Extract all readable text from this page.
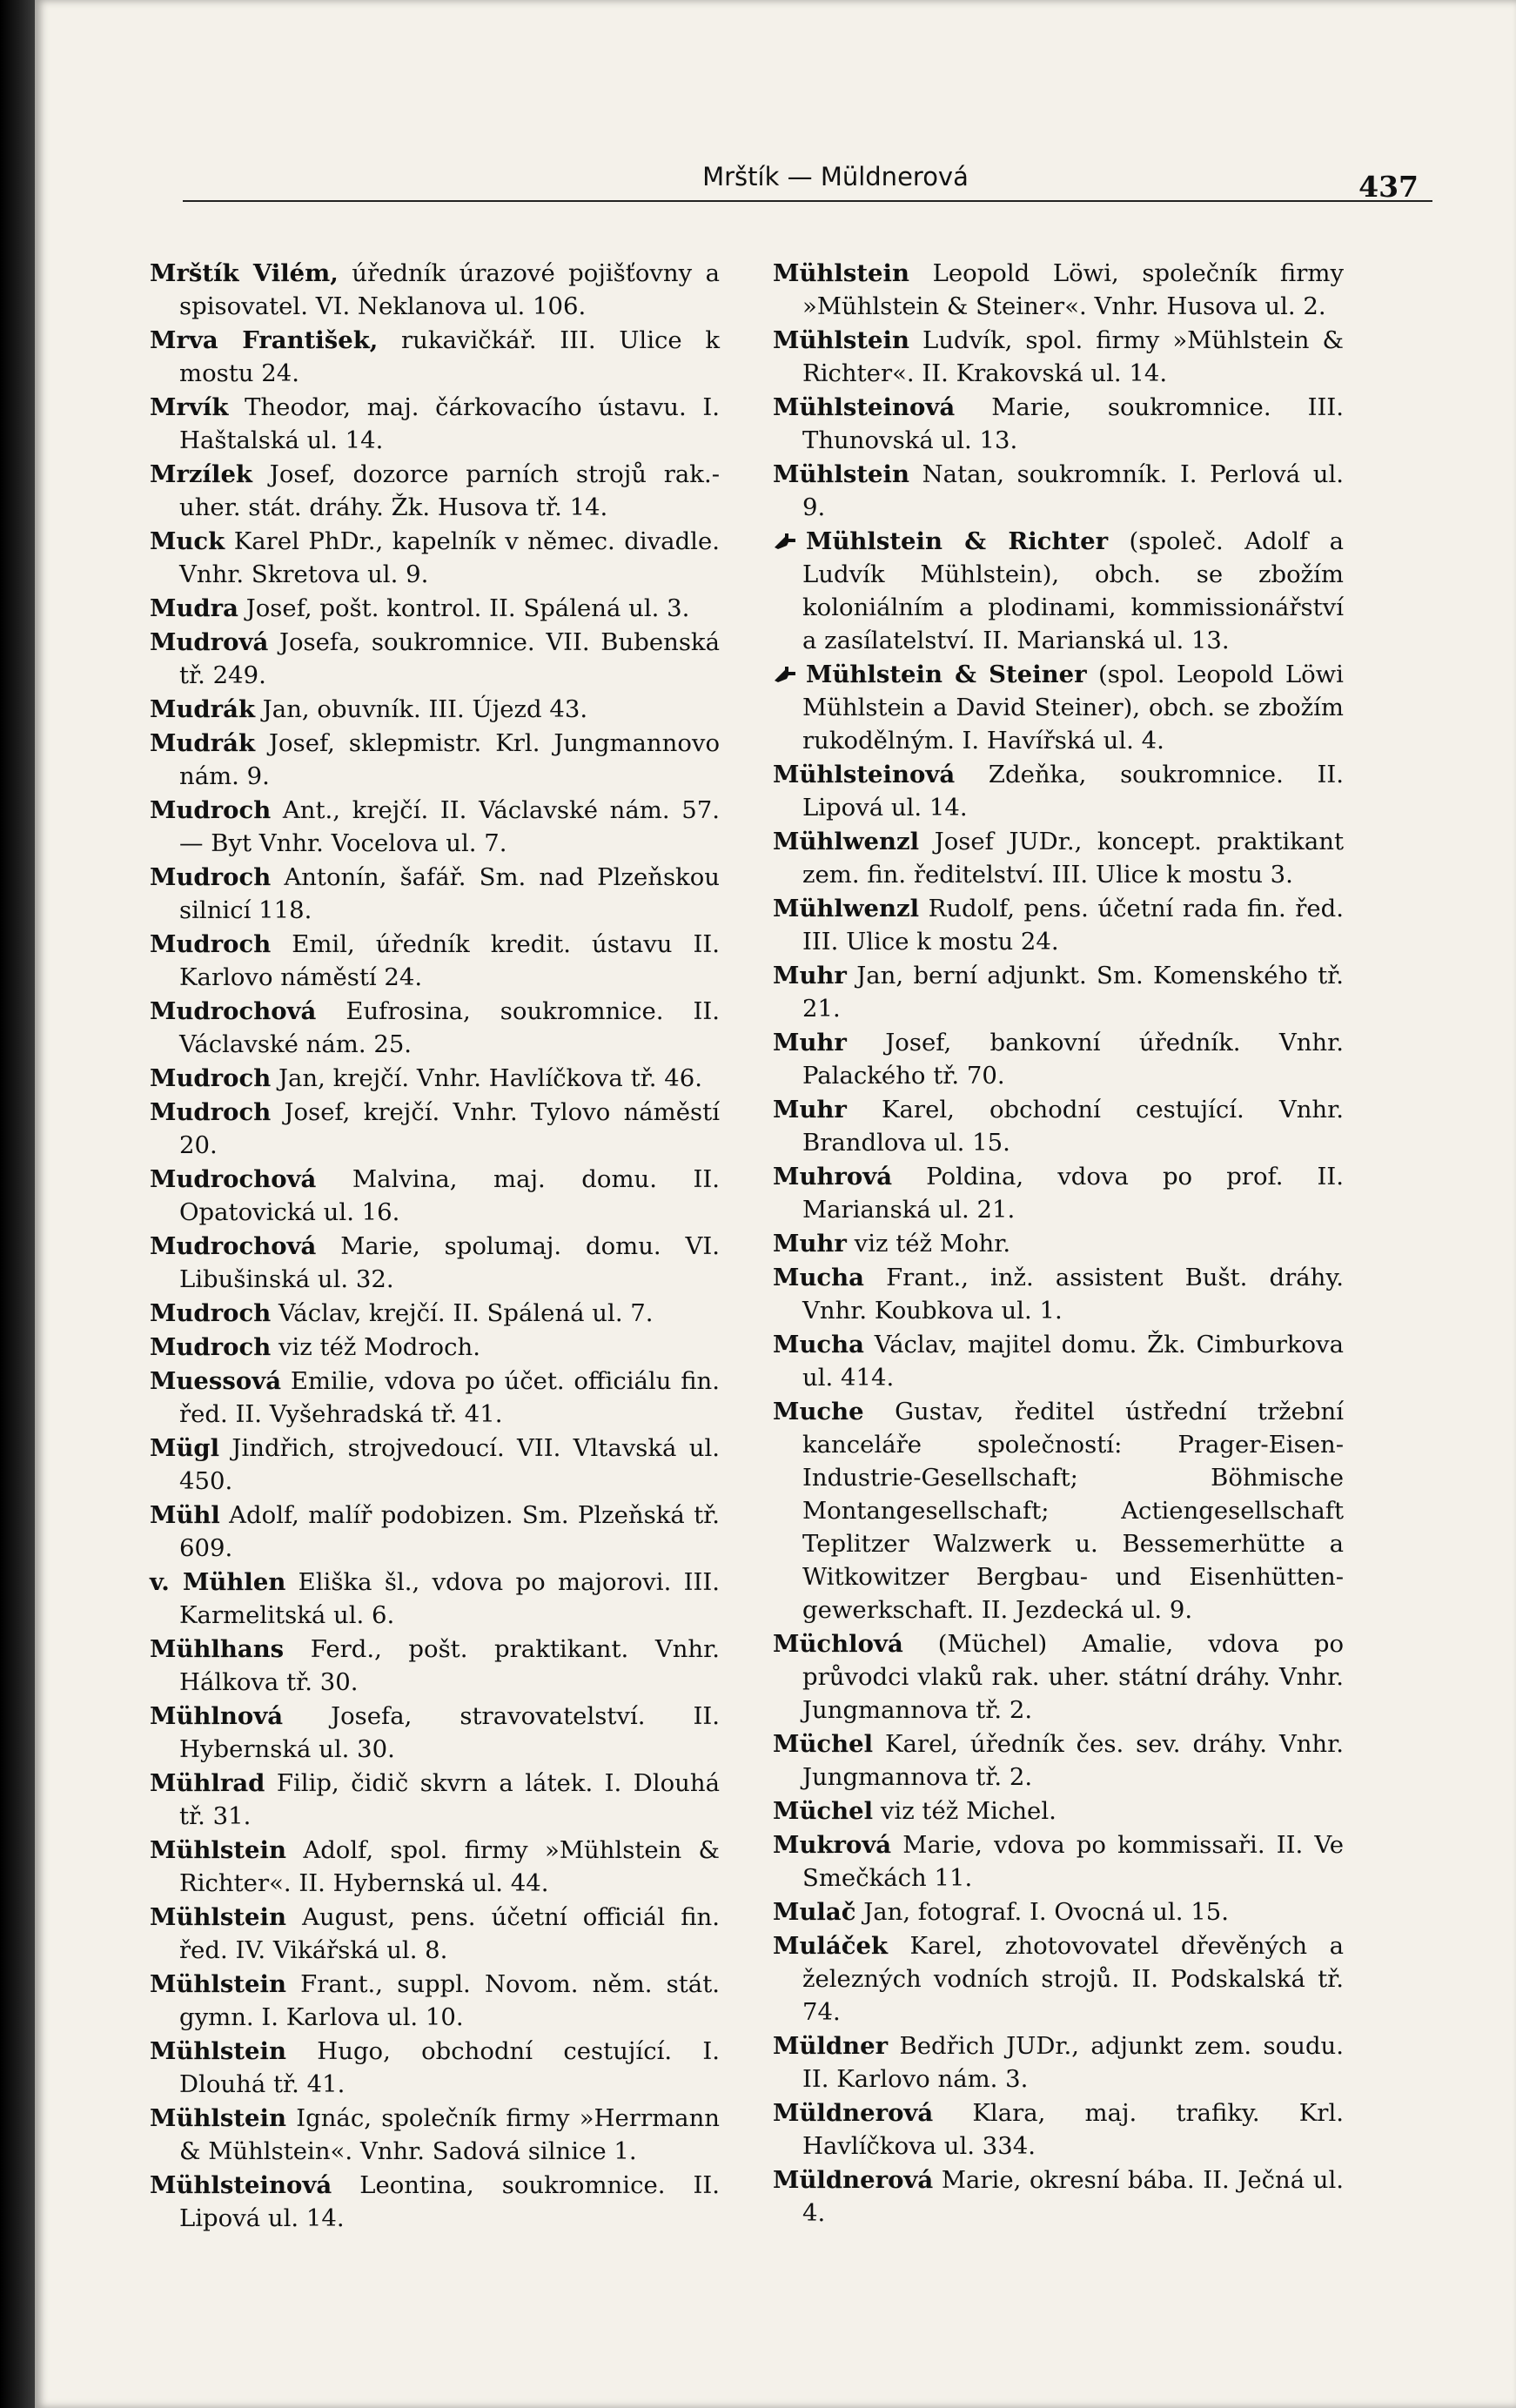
Mrštík — Müldnerová	437
Mrštík Vilém, úředník úrazové pojišťovny a spisovatel. VI. Neklanova ul. 106.
Mrva František, rukavičkář. III. Ulice k mostu 24.
Mrvík Theodor, maj. čárkovacího ústavu. I. Haštalská ul. 14.
Mrzílek Josef, dozorce parních strojů rak.-uher. stát. dráhy. Žk. Husova tř. 14.
Muck Karel PhDr., kapelník v němec. divadle. Vnhr. Skretova ul. 9.
Mudra Josef, pošt. kontrol. II. Spálená ul. 3.
Mudrová Josefa, soukromnice. VII. Bubenská tř. 249.
Mudrák Jan, obuvník. III. Újezd 43.
Mudrák Josef, sklepmistr. Krl. Jungmannovo nám. 9.
Mudroch Ant., krejčí. II. Václavské nám. 57. — Byt Vnhr. Vocelova ul. 7.
Mudroch Antonín, šafář. Sm. nad Plzeňskou silnicí 118.
Mudroch Emil, úředník kredit. ústavu II. Karlovo náměstí 24.
Mudrochová Eufrosina, soukromnice. II. Václavské nám. 25.
Mudroch Jan, krejčí. Vnhr. Havlíčkova tř. 46.
Mudroch Josef, krejčí. Vnhr. Tylovo náměstí 20.
Mudrochová Malvina, maj. domu. II. Opatovická ul. 16.
Mudrochová Marie, spolumaj. domu. VI. Libušinská ul. 32.
Mudroch Václav, krejčí. II. Spálená ul. 7.
Mudroch viz též Modroch.
Muessová Emilie, vdova po účet. officiálu fin. řed. II. Vyšehradská tř. 41.
Mügl Jindřich, strojvedoucí. VII. Vltavská ul. 450.
Mühl Adolf, malíř podobizen. Sm. Plzeňská tř. 609.
v. Mühlen Eliška šl., vdova po majorovi. III. Karmelitská ul. 6.
Mühlhans Ferd., pošt. praktikant. Vnhr. Hálkova tř. 30.
Mühlnová Josefa, stravovatelství. II. Hybernská ul. 30.
Mühlrad Filip, čidič skvrn a látek. I. Dlouhá tř. 31.
Mühlstein Adolf, spol. firmy »Mühlstein & Richter«. II. Hybernská ul. 44.
Mühlstein August, pens. účetní officiál fin. řed. IV. Vikářská ul. 8.
Mühlstein Frant., suppl. Novom. něm. stát. gymn. I. Karlova ul. 10.
Mühlstein Hugo, obchodní cestující. I. Dlouhá tř. 41.
Mühlstein Ignác, společník firmy »Herrmann & Mühlstein«. Vnhr. Sadová silnice 1.
Mühlsteinová Leontina, soukromnice. II. Lipová ul. 14.
Mühlstein Leopold Löwi, společník firmy »Mühlstein & Steiner«. Vnhr. Husova ul. 2.
Mühlstein Ludvík, spol. firmy »Mühlstein & Richter«. II. Krakovská ul. 14.
Mühlsteinová Marie, soukromnice. III. Thunovská ul. 13.
Mühlstein Natan, soukromník. I. Perlová ul. 9.
Mühlstein & Richter (společ. Adolf a Ludvík Mühlstein), obch. se zbožím koloniálním a plodinami, kommissionářství a zasílatelství. II. Marianská ul. 13.
Mühlstein & Steiner (spol. Leopold Löwi Mühlstein a David Steiner), obch. se zbožím rukodělným. I. Havířská ul. 4.
Mühlsteinová Zdeňka, soukromnice. II. Lipová ul. 14.
Mühlwenzl Josef JUDr., koncept. praktikant zem. fin. ředitelství. III. Ulice k mostu 3.
Mühlwenzl Rudolf, pens. účetní rada fin. řed. III. Ulice k mostu 24.
Muhr Jan, berní adjunkt. Sm. Komenského tř. 21.
Muhr Josef, bankovní úředník. Vnhr. Palackého tř. 70.
Muhr Karel, obchodní cestující. Vnhr. Brandlova ul. 15.
Muhrová Poldina, vdova po prof. II. Marianská ul. 21.
Muhr viz též Mohr.
Mucha Frant., inž. assistent Bušt. dráhy. Vnhr. Koubkova ul. 1.
Mucha Václav, majitel domu. Žk. Cimburkova ul. 414.
Muche Gustav, ředitel ústřední tržební kanceláře společností: Prager-Eisen-Industrie-Gesellschaft; Böhmische Montangesellschaft; Actiengesellschaft Teplitzer Walzwerk u. Bessemerhütte a Witkowitzer Bergbau- und Eisenhütten-gewerkschaft. II. Jezdecká ul. 9.
Müchlová (Müchel) Amalie, vdova po průvodci vlaků rak. uher. státní dráhy. Vnhr. Jungmannova tř. 2.
Müchel Karel, úředník čes. sev. dráhy. Vnhr. Jungmannova tř. 2.
Müchel viz též Michel.
Mukrová Marie, vdova po kommissaři. II. Ve Smečkách 11.
Mulač Jan, fotograf. I. Ovocná ul. 15.
Muláček Karel, zhotovovatel dřevěných a železných vodních strojů. II. Podskalská tř. 74.
Müldner Bedřich JUDr., adjunkt zem. soudu. II. Karlovo nám. 3.
Müldnerová Klara, maj. trafiky. Krl. Havlíčkova ul. 334.
Müldnerová Marie, okresní bába. II. Ječná ul. 4.
